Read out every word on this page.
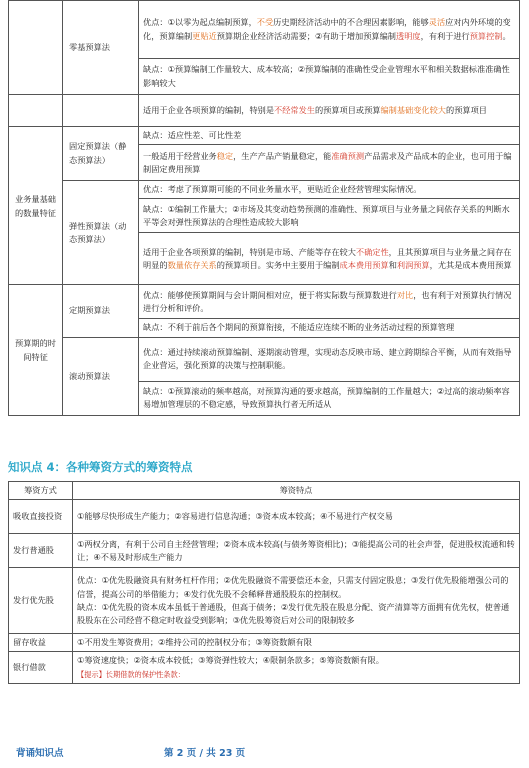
	零基预算法	优点：①以零为起点编制预算，不受历史期经济活动中的不合理因素影响，能够灵活应对内外环境的变化，预算编制更贴近预算期企业经济活动需要；②有助于增加预算编制透明度，有利于进行预算控制。
		缺点：①预算编制工作量较大、成本较高；②预算编制的准确性受企业管理水平和相关数据标准准确性影响较大
		适用于企业各项预算的编制，特别是不经常发生的预算项目或预算编制基础变化较大的预算项目
业务量基础的数量特征	固定预算法（静态预算法）	缺点：适应性差、可比性差
		一般适用于经营业务稳定，生产产品产销量稳定，能准确预测产品需求及产品成本的企业，也可用于编制固定费用预算
	弹性预算法（动态预算法）	优点：考虑了预算期可能的不同业务量水平，更贴近企业经营管理实际情况。
		缺点：①编制工作量大；②市场及其变动趋势预测的准确性、预算项目与业务量之间依存关系的判断水平等会对弹性预算法的合理性造成较大影响
		适用于企业各项预算的编制，特别是市场、产能等存在较大不确定性，且其预算项目与业务量之间存在明显的数量依存关系的预算项目。实务中主要用于编制成本费用预算和利润预算，尤其是成本费用预算
预算期的时间特征	定期预算法	优点：能够使预算期间与会计期间相对应，便于将实际数与预算数进行对比，也有利于对预算执行情况进行分析和评价。
		缺点：不利于前后各个期间的预算衔接，不能适应连续不断的业务活动过程的预算管理
	滚动预算法	优点：通过持续滚动预算编制、逐期滚动管理，实现动态反映市场、建立跨期综合平衡，从而有效指导企业营运，强化预算的决策与控制职能。
		缺点：①预算滚动的频率越高，对预算沟通的要求越高，预算编制的工作量越大；②过高的滚动频率容易增加管理层的不稳定感，导致预算执行者无所适从
知识点 4：各种筹资方式的筹资特点
筹资方式	筹资特点
吸收直接投资	①能够尽快形成生产能力；②容易进行信息沟通；③资本成本较高；④不易进行产权交易
发行普通股	①两权分离，有利于公司自主经营管理；②资本成本较高(与债务筹资相比)；③能提高公司的社会声誉，促进股权流通和转让；④不易及时形成生产能力
发行优先股	优点：①优先股融资具有财务杠杆作用；②优先股融资不需要偿还本金，只需支付固定股息；③发行优先股能增强公司的信誉，提高公司的举借能力；④发行优先股不会稀释普通股股东的控制权。
缺点：①优先股的资本成本虽低于普通股，但高于债务；②发行优先股在股息分配、资产清算等方面拥有优先权，使普通股股东在公司经营不稳定时收益受到影响；③优先股筹资后对公司的限制较多

留存收益	①不用发生筹资费用；②维持公司的控制权分布；③筹资数额有限
银行借款	①筹资速度快；②资本成本较低；③筹资弹性较大；④限制条款多；⑤筹资数额有限。
【提示】长期借款的保护性条款：
背诵知识点	第 2 页 / 共 23 页
